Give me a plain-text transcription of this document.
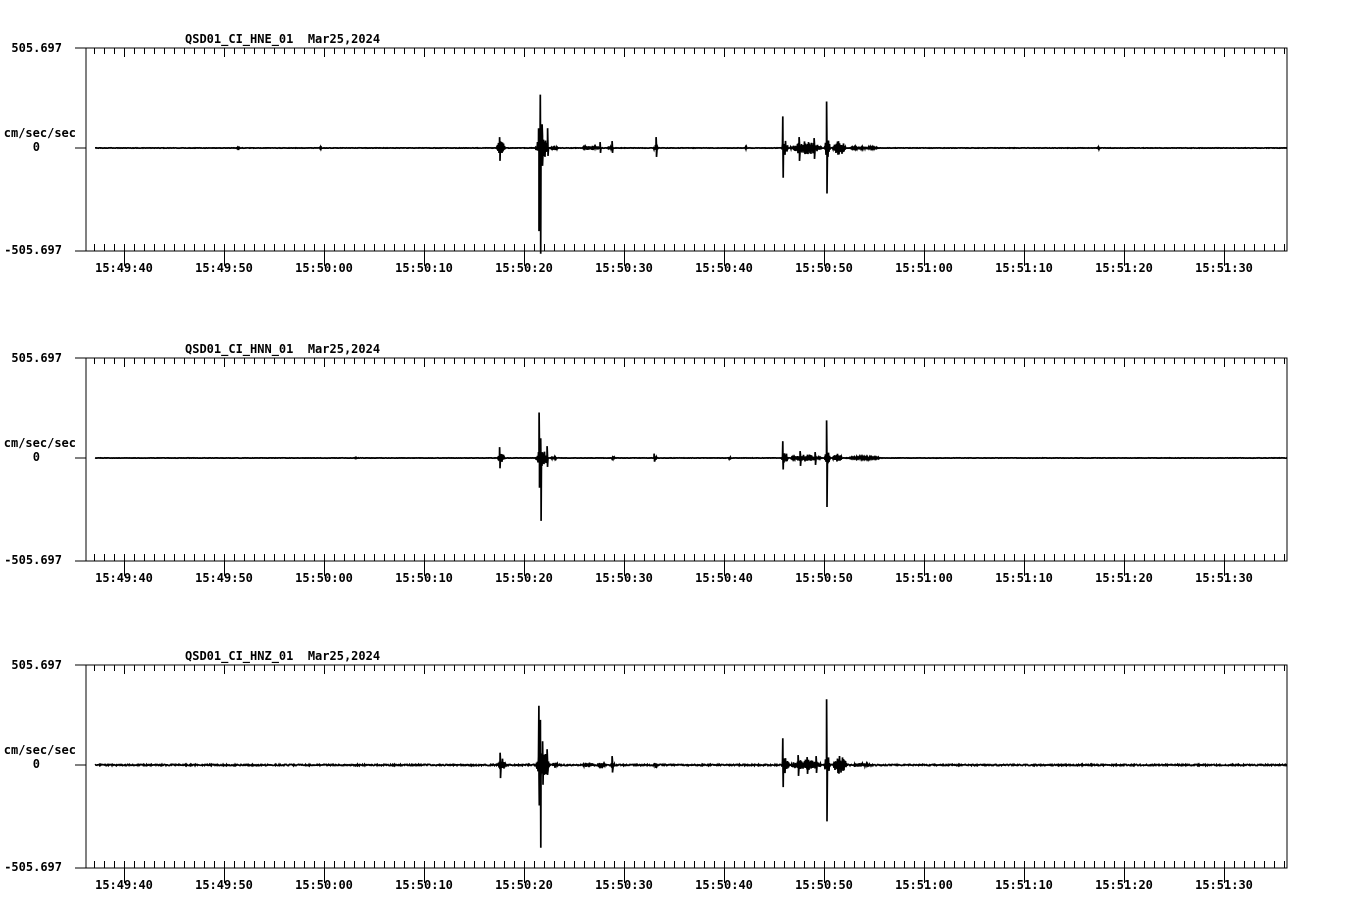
QSD01_CI_HNE_01  Mar25,2024
505.697
cm/sec/sec
0
-505.697
15:49:40	15:49:50	15:50:00	15:50:10	15:50:20	15:50:30	15:50:40	15:50:50	15:51:00	15:51:10	15:51:20	15:51:30
QSD01_CI_HNN_01  Mar25,2024
505.697
cm/sec/sec
0
-505.697
15:49:40	15:49:50	15:50:00	15:50:10	15:50:20	15:50:30	15:50:40	15:50:50	15:51:00	15:51:10	15:51:20	15:51:30
QSD01_CI_HNZ_01  Mar25,2024
505.697
cm/sec/sec
0
-505.697
15:49:40	15:49:50	15:50:00	15:50:10	15:50:20	15:50:30	15:50:40	15:50:50	15:51:00	15:51:10	15:51:20	15:51:30
